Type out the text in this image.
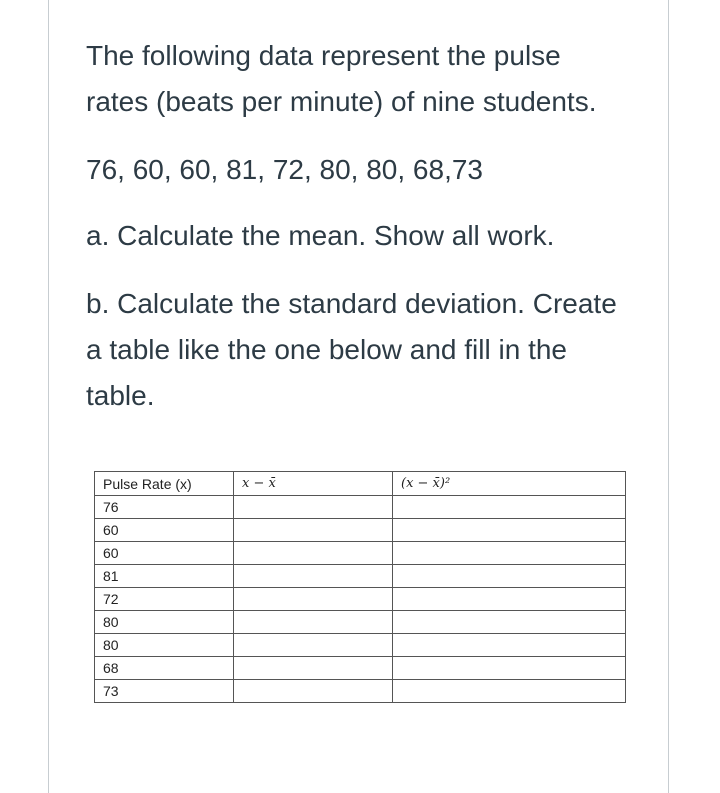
The following data represent the pulse rates (beats per minute) of nine students.

76, 60, 60, 81, 72, 80, 80, 68,73

a. Calculate the mean. Show all work.

b. Calculate the standard deviation. Create a table like the one below and fill in the table.

Pulse Rate (x)	x − x̄	(x − x̄)²
76		
60		
60		
81		
72		
80		
80		
68		
73		
